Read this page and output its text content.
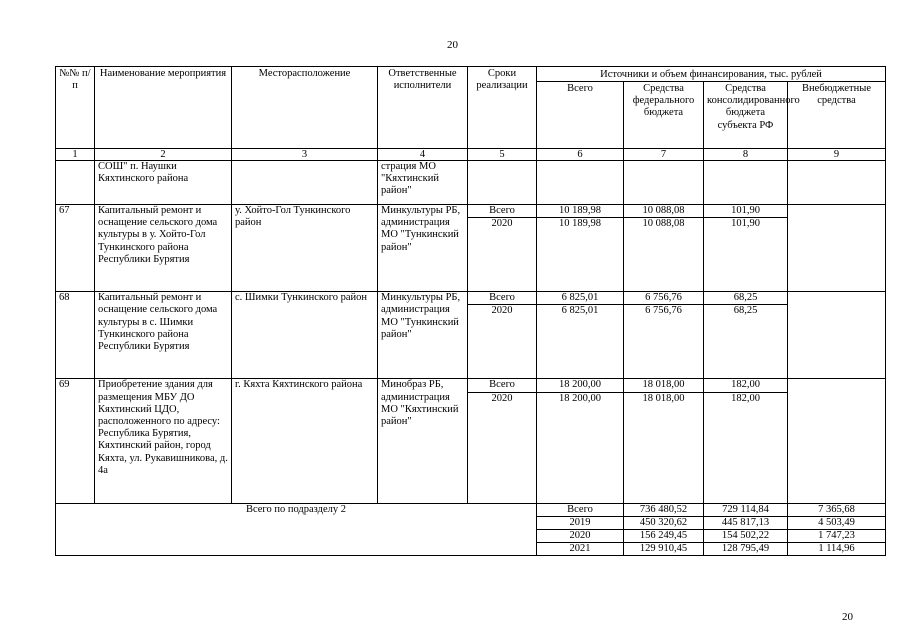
20
№№ п/п	Наименование мероприятия	Месторасположение	Ответственные исполнители	Сроки реализации	Источники и объем финансирования, тыс. рублей				
					Всего	Средства федерального бюджета	Средства консолидированного бюджета субъекта РФ	Внебюджетные средства	
1	2	3	4	5	6	7	8	9	
	СОШ" п. Наушки Кяхтинского района		страция МО "Кяхтинский район"						
67	Капитальный ремонт и оснащение сельского дома культуры в у. Хойто-Гол Тункинского района Республики Бурятия	у. Хойто-Гол Тункинского район	Минкультуры РБ, администрация МО "Тункинский район"	Всего	10 189,98	10 088,08	101,90		
				2020	10 189,98	10 088,08	101,90		
68	Капитальный ремонт и оснащение сельского дома культуры в с. Шимки Тункинского района Республики Бурятия	с. Шимки Тункинского район	Минкультуры РБ, администрация МО "Тункинский район"	Всего	6 825,01	6 756,76	68,25		
				2020	6 825,01	6 756,76	68,25		
69	Приобретение здания для размещения МБУ ДО Кяхтинский ЦДО, расположенного по адресу: Республика Бурятия, Кяхтинский район, город Кяхта, ул. Рукавишникова, д. 4а	г. Кяхта Кяхтинского района	Минобраз РБ, администрация МО "Кяхтинский район"	Всего	18 200,00	18 018,00	182,00		
				2020	18 200,00	18 018,00	182,00		
Всего по подразделу 2					Всего	736 480,52	729 114,84	7 365,68	
					2019	450 320,62	445 817,13	4 503,49	
					2020	156 249,45	154 502,22	1 747,23	
					2021	129 910,45	128 795,49	1 114,96	
20
